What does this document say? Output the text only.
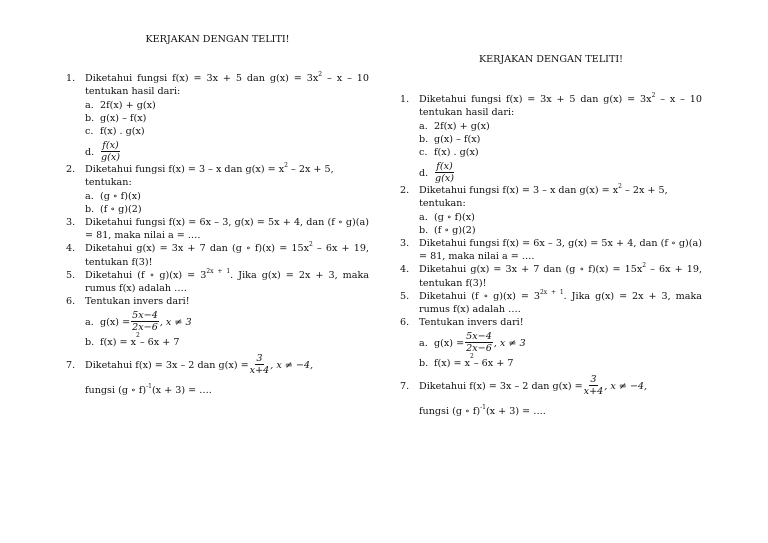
KERJAKAN DENGAN TELITI!
1.	Diketahui fungsi f(x) = 3x + 5 dan $g(x) = 3x^2 - x - 10$ tentukan hasil dari:
a. 2f(x) + g(x)
b. g(x) – f(x)
c. f(x) . g(x)
d. $\frac{f(x)}{g(x)}$
2.	Diketahui fungsi f(x) = 3 – x dan $g(x) = x^2 - 2x + 5$, tentukan:
a. (g ∘ f)(x)
b. (f ∘ g)(2)
3.	Diketahui fungsi f(x) = 6x – 3, g(x) = 5x + 4, dan (f ∘ g)(a) = 81, maka nilai a = ….
4.	Diketahui g(x) = 3x + 7 dan (g ∘ $f)(x) = 15x^2 - 6x + 19$, tentukan f(3)!
5.	Diketahui (f ∘ $g)(x) = 3^{2x + 1}$. Jika g(x) = 2x + 3, maka rumus f(x) adalah ….
6.	Tentukan invers dari!
a. $g(x) = \frac{5x-4}{2x-6}$ , x ≠ 3
b. f(x) = x
2
– 6x + 7
7.	Diketahui f(x) = 3x – 2 dan $g(x) = \frac{3}{x+4}$ , x ≠ −4,
fungsi (g ∘ f)$^{-1}$(x + 3) = ….
KERJAKAN DENGAN TELITI!
1.	Diketahui fungsi f(x) = 3x + 5 dan $g(x) = 3x^2 - x - 10$ tentukan hasil dari:
a. 2f(x) + g(x)
b. g(x) – f(x)
c. f(x) . g(x)
d. $\frac{f(x)}{g(x)}$
2.	Diketahui fungsi f(x) = 3 – x dan $g(x) = x^2 - 2x + 5$, tentukan:
a. (g ∘ f)(x)
b. (f ∘ g)(2)
3.	Diketahui fungsi f(x) = 6x – 3, g(x) = 5x + 4, dan (f ∘ g)(a) = 81, maka nilai a = ….
4.	Diketahui g(x) = 3x + 7 dan (g ∘ $f)(x) = 15x^2 - 6x + 19$, tentukan f(3)!
5.	Diketahui (f ∘ $g)(x) = 3^{2x + 1}$. Jika g(x) = 2x + 3, maka rumus f(x) adalah ….
6.	Tentukan invers dari!
a. $g(x) = \frac{5x-4}{2x-6}$ , x ≠ 3
b. f(x) = x
2
– 6x + 7
7.	Diketahui f(x) = 3x – 2 dan $g(x) = \frac{3}{x+4}$ , x ≠ −4,
fungsi (g ∘ f)$^{-1}$(x + 3) = ….
